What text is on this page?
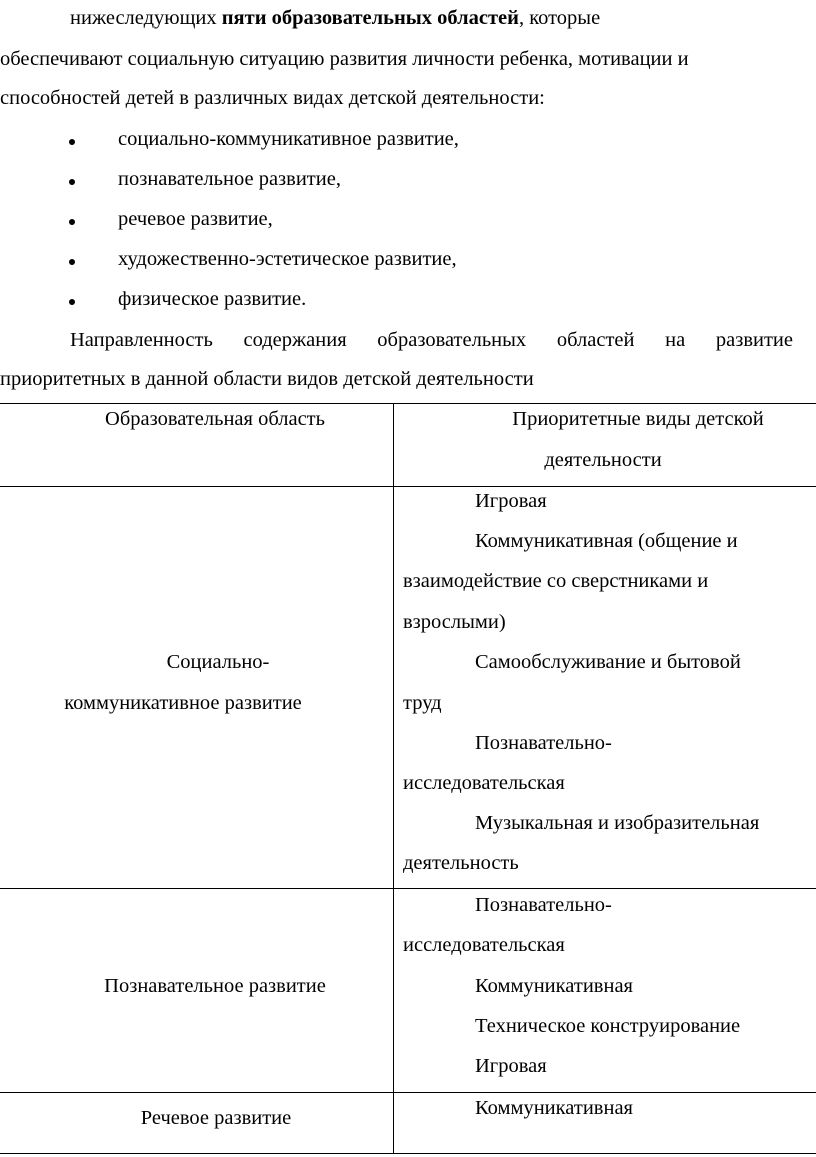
нижеследующих пяти образовательных областей, которые
обеспечивают социальную ситуацию развития личности ребенка, мотивации и
способностей детей в различных видах детской деятельности:
социально-коммуникативное развитие,
познавательное развитие,
речевое развитие,
художественно-эстетическое развитие,
физическое развитие.
Направленность содержания образовательных областей на развитие
приоритетных в данной области видов детской деятельности
Образовательная область	Приоритетные виды детской
деятельности
Социально-
коммуникативное развитие
Игровая
Коммуникативная (общение и
взаимодействие со сверстниками и
взрослыми)
Самообслуживание и бытовой
труд
Познавательно-
исследовательская
Музыкальная и изобразительная
деятельность
Познавательное развитие
Познавательно-
исследовательская
Коммуникативная
Техническое конструирование
Игровая
Речевое развитие	Коммуникативная
